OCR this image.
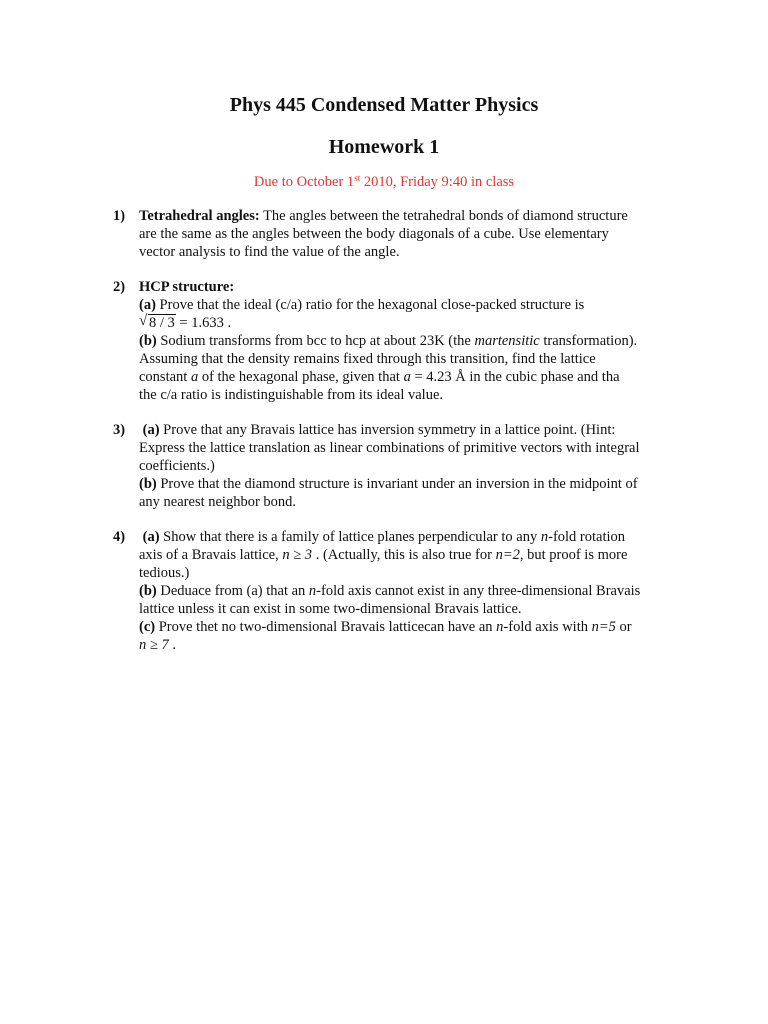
Phys 445 Condensed Matter Physics
Homework 1
Due to October 1st 2010, Friday 9:40 in class
1) Tetrahedral angles: The angles between the tetrahedral bonds of diamond structure
are the same as the angles between the body diagonals of a cube. Use elementary
vector analysis to find the value of the angle.
2) HCP structure:
(a) Prove that the ideal (c/a) ratio for the hexagonal close-packed structure is
√ 8 / 3 = 1.633 .
(b) Sodium transforms from bcc to hcp at about 23K (the martensitic transformation).
Assuming that the density remains fixed through this transition, find the lattice
constant a of the hexagonal phase, given that a = 4.23 Å in the cubic phase and tha
the c/a ratio is indistinguishable from its ideal value.
3) (a) Prove that any Bravais lattice has inversion symmetry in a lattice point. (Hint:
Express the lattice translation as linear combinations of primitive vectors with integral
coefficients.)
(b) Prove that the diamond structure is invariant under an inversion in the midpoint of
any nearest neighbor bond.
4) (a) Show that there is a family of lattice planes perpendicular to any n-fold rotation
axis of a Bravais lattice, n ≥ 3 . (Actually, this is also true for n=2, but proof is more
tedious.)
(b) Deduace from (a) that an n-fold axis cannot exist in any three-dimensional Bravais
lattice unless it can exist in some two-dimensional Bravais lattice.
(c) Prove thet no two-dimensional Bravais latticecan have an n-fold axis with n=5 or
n ≥ 7 .
